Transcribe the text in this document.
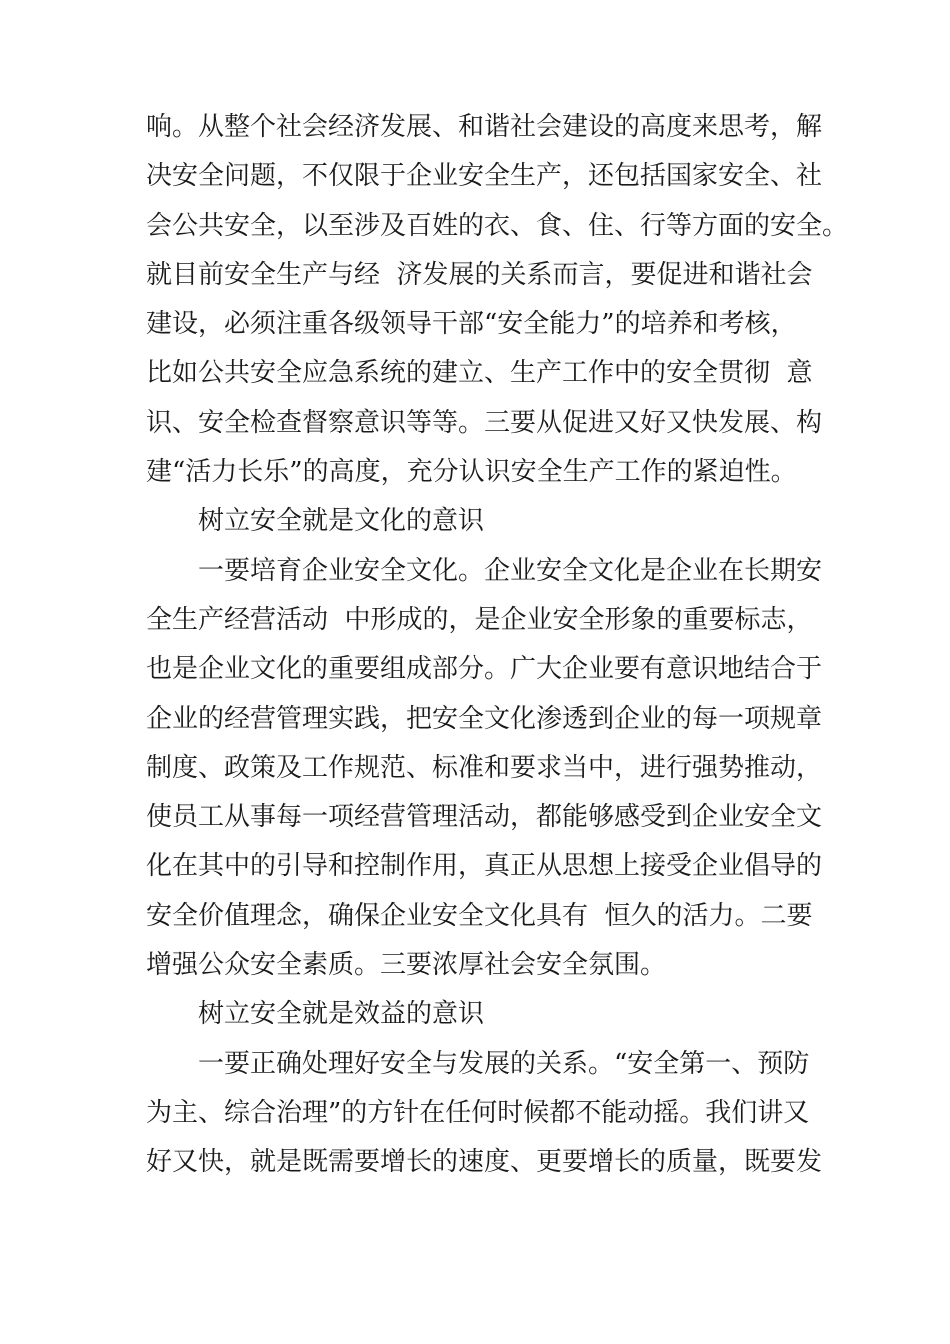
响。从整个社会经济发展、和谐社会建设的高度来思考，解
决安全问题，不仅限于企业安全生产，还包括国家安全、社
会公共安全，以至涉及百姓的衣、食、住、行等方面的安全。
就目前安全生产与经  济发展的关系而言，要促进和谐社会
建设，必须注重各级领导干部“安全能力”的培养和考核，
比如公共安全应急系统的建立、生产工作中的安全贯彻  意
识、安全检查督察意识等等。三要从促进又好又快发展、构
建“活力长乐”的高度，充分认识安全生产工作的紧迫性。
树立安全就是文化的意识
一要培育企业安全文化。企业安全文化是企业在长期安
全生产经营活动  中形成的，是企业安全形象的重要标志，
也是企业文化的重要组成部分。广大企业要有意识地结合于
企业的经营管理实践，把安全文化渗透到企业的每一项规章
制度、政策及工作规范、标准和要求当中，进行强势推动，
使员工从事每一项经营管理活动，都能够感受到企业安全文
化在其中的引导和控制作用，真正从思想上接受企业倡导的
安全价值理念，确保企业安全文化具有  恒久的活力。二要
增强公众安全素质。三要浓厚社会安全氛围。
树立安全就是效益的意识
一要正确处理好安全与发展的关系。“安全第一、预防
为主、综合治理”的方针在任何时候都不能动摇。我们讲又
好又快，就是既需要增长的速度、更要增长的质量，既要发
